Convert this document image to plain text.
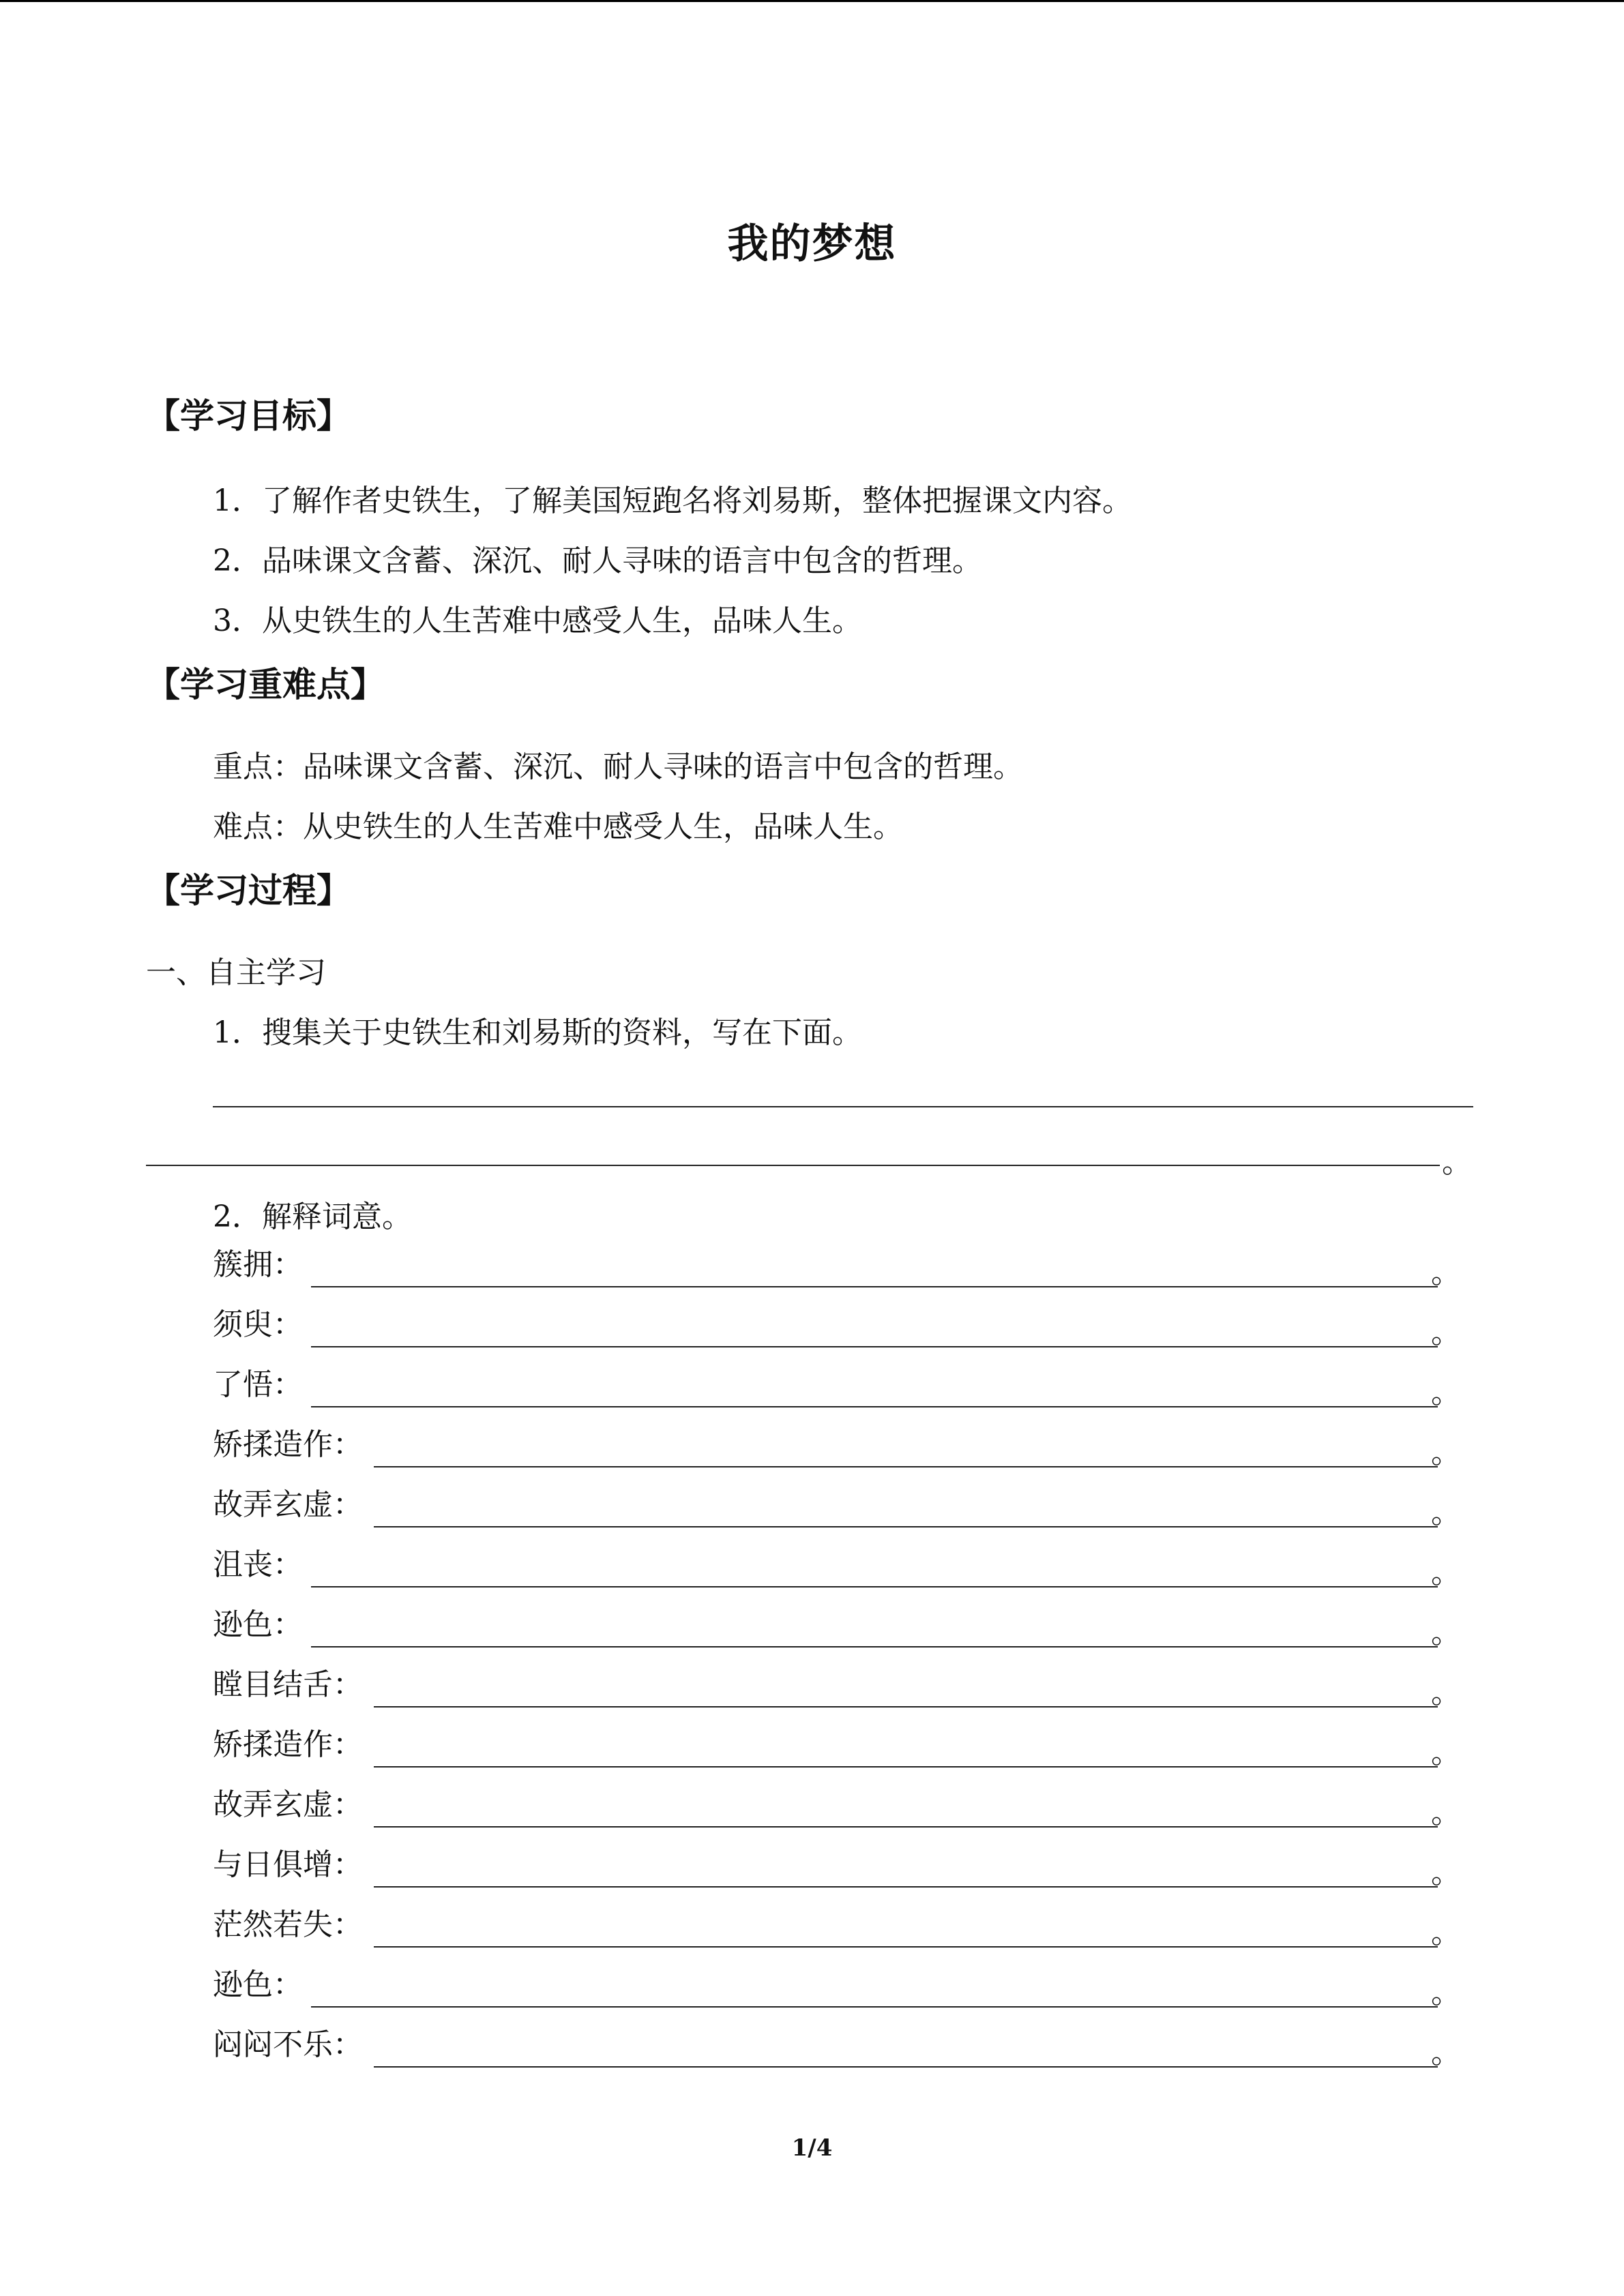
我的梦想
【学习目标】
1．了解作者史铁生，了解美国短跑名将刘易斯，整体把握课文内容。
2．品味课文含蓄、深沉、耐人寻味的语言中包含的哲理。
3．从史铁生的人生苦难中感受人生，品味人生。
【学习重难点】
重点：品味课文含蓄、深沉、耐人寻味的语言中包含的哲理。
难点：从史铁生的人生苦难中感受人生，品味人生。
【学习过程】
一、自主学习
1．搜集关于史铁生和刘易斯的资料，写在下面。
。
2．解释词意。
簇拥：	。
须臾：	。
了悟：	。
矫揉造作：	。
故弄玄虚：	。
沮丧：	。
逊色：	。
瞠目结舌：	。
矫揉造作：	。
故弄玄虚：	。
与日俱增：	。
茫然若失：	。
逊色：	。
闷闷不乐：	。
1/4
